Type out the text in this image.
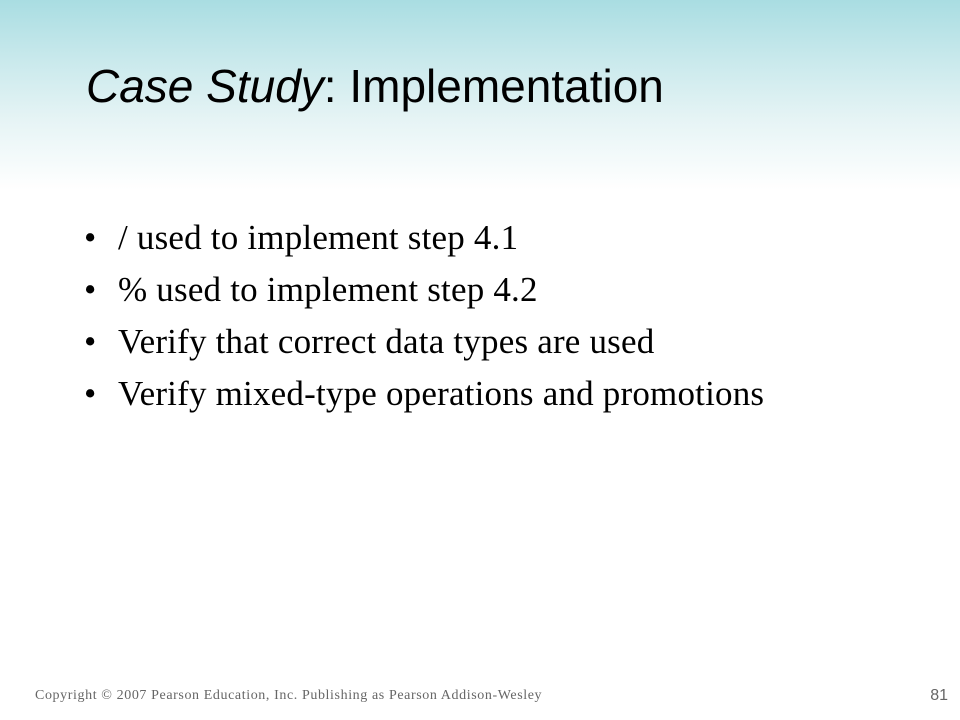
Case Study: Implementation
• / used to implement step 4.1
• % used to implement step 4.2
• Verify that correct data types are used
• Verify mixed-type operations and promotions
Copyright © 2007 Pearson Education, Inc. Publishing as Pearson Addison-Wesley	81
